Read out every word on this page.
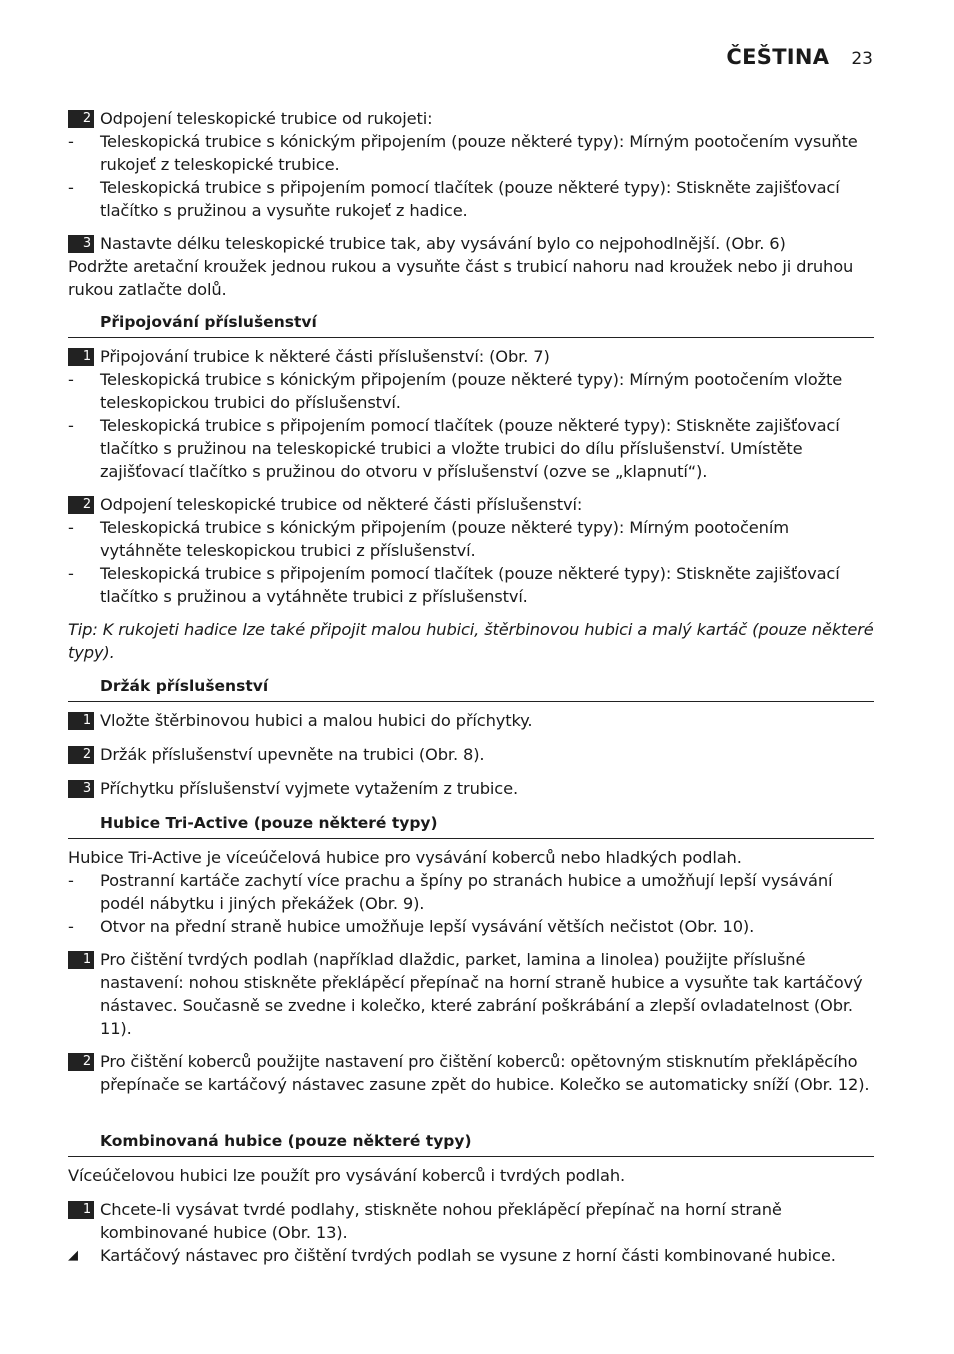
ČEŠTINA 23
2 Odpojení teleskopické trubice od rukojeti:
- Teleskopická trubice s kónickým připojením (pouze některé typy): Mírným pootočením vysuňte rukojeť z teleskopické trubice.
- Teleskopická trubice s připojením pomocí tlačítek (pouze některé typy): Stiskněte zajišťovací tlačítko s pružinou a vysuňte rukojeť z hadice.
3 Nastavte délku teleskopické trubice tak, aby vysávání bylo co nejpohodlnější. (Obr. 6)
Podržte aretační kroužek jednou rukou a vysuňte část s trubicí nahoru nad kroužek nebo ji druhou rukou zatlačte dolů.
Připojování příslušenství
1 Připojování trubice k některé části příslušenství: (Obr. 7)
- Teleskopická trubice s kónickým připojením (pouze některé typy): Mírným pootočením vložte teleskopickou trubici do příslušenství.
- Teleskopická trubice s připojením pomocí tlačítek (pouze některé typy): Stiskněte zajišťovací tlačítko s pružinou na teleskopické trubici a vložte trubici do dílu příslušenství. Umístěte zajišťovací tlačítko s pružinou do otvoru v příslušenství (ozve se „klapnutí“).
2 Odpojení teleskopické trubice od některé části příslušenství:
- Teleskopická trubice s kónickým připojením (pouze některé typy): Mírným pootočením vytáhněte teleskopickou trubici z příslušenství.
- Teleskopická trubice s připojením pomocí tlačítek (pouze některé typy): Stiskněte zajišťovací tlačítko s pružinou a vytáhněte trubici z příslušenství.
Tip: K rukojeti hadice lze také připojit malou hubici, štěrbinovou hubici a malý kartáč (pouze některé typy).
Držák příslušenství
1 Vložte štěrbinovou hubici a malou hubici do příchytky.
2 Držák příslušenství upevněte na trubici (Obr. 8).
3 Příchytku příslušenství vyjmete vytažením z trubice.
Hubice Tri-Active (pouze některé typy)
Hubice Tri-Active je víceúčelová hubice pro vysávání koberců nebo hladkých podlah.
- Postranní kartáče zachytí více prachu a špíny po stranách hubice a umožňují lepší vysávání podél nábytku i jiných překážek (Obr. 9).
- Otvor na přední straně hubice umožňuje lepší vysávání větších nečistot (Obr. 10).
1 Pro čištění tvrdých podlah (například dlaždic, parket, lamina a linolea) použijte příslušné nastavení: nohou stiskněte překlápěcí přepínač na horní straně hubice a vysuňte tak kartáčový nástavec. Současně se zvedne i kolečko, které zabrání poškrábání a zlepší ovladatelnost (Obr. 11).
2 Pro čištění koberců použijte nastavení pro čištění koberců: opětovným stisknutím překlápěcího přepínače se kartáčový nástavec zasune zpět do hubice. Kolečko se automaticky sníží (Obr. 12).
Kombinovaná hubice (pouze některé typy)
Víceúčelovou hubici lze použít pro vysávání koberců i tvrdých podlah.
1 Chcete-li vysávat tvrdé podlahy, stiskněte nohou překlápěcí přepínač na horní straně kombinované hubice (Obr. 13).
◢ Kartáčový nástavec pro čištění tvrdých podlah se vysune z horní části kombinované hubice.
